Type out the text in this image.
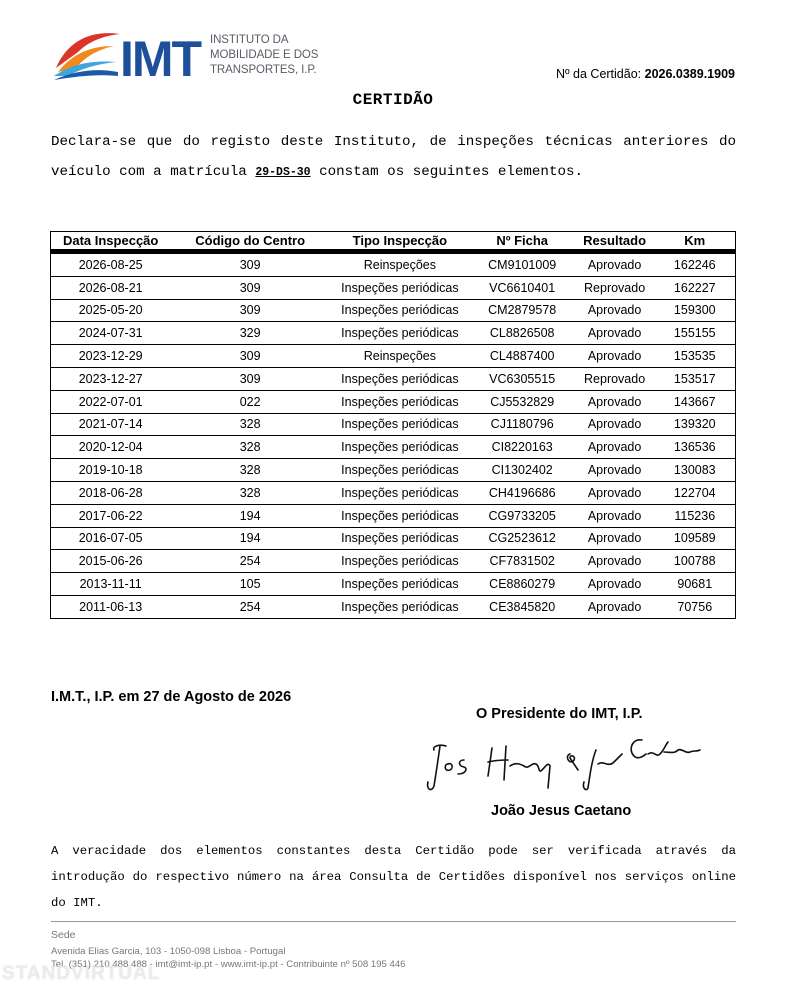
IMT INSTITUTO DA
MOBILIDADE E DOS
TRANSPORTES, I.P.	Nº da Certidão: 2026.0389.1909
CERTIDÃO
Declara-se que do registo deste Instituto, de inspeções técnicas anteriores do veículo com a matrícula 29-DS-30 constam os seguintes elementos.
Data Inspecção	Código do Centro	Tipo Inspecção	Nº Ficha	Resultado	Km
2026-08-25	309	Reinspeções	CM9101009	Aprovado	162246
2026-08-21	309	Inspeções periódicas	VC6610401	Reprovado	162227
2025-05-20	309	Inspeções periódicas	CM2879578	Aprovado	159300
2024-07-31	329	Inspeções periódicas	CL8826508	Aprovado	155155
2023-12-29	309	Reinspeções	CL4887400	Aprovado	153535
2023-12-27	309	Inspeções periódicas	VC6305515	Reprovado	153517
2022-07-01	022	Inspeções periódicas	CJ5532829	Aprovado	143667
2021-07-14	328	Inspeções periódicas	CJ1180796	Aprovado	139320
2020-12-04	328	Inspeções periódicas	CI8220163	Aprovado	136536
2019-10-18	328	Inspeções periódicas	CI1302402	Aprovado	130083
2018-06-28	328	Inspeções periódicas	CH4196686	Aprovado	122704
2017-06-22	194	Inspeções periódicas	CG9733205	Aprovado	115236
2016-07-05	194	Inspeções periódicas	CG2523612	Aprovado	109589
2015-06-26	254	Inspeções periódicas	CF7831502	Aprovado	100788
2013-11-11	105	Inspeções periódicas	CE8860279	Aprovado	90681
2011-06-13	254	Inspeções periódicas	CE3845820	Aprovado	70756
I.M.T., I.P. em 27 de Agosto de 2026
O Presidente do IMT, I.P.
João Jesus Caetano
A veracidade dos elementos constantes desta Certidão pode ser verificada através da introdução do respectivo número na área Consulta de Certidões disponível nos serviços online do IMT.
Sede
Avenida Elias Garcia, 103 - 1050-098 Lisboa - Portugal
Tel. (351) 210 488 488 - imt@imt-ip.pt - www.imt-ip.pt - Contribuinte nº 508 195 446
STANDVIRTUAL
